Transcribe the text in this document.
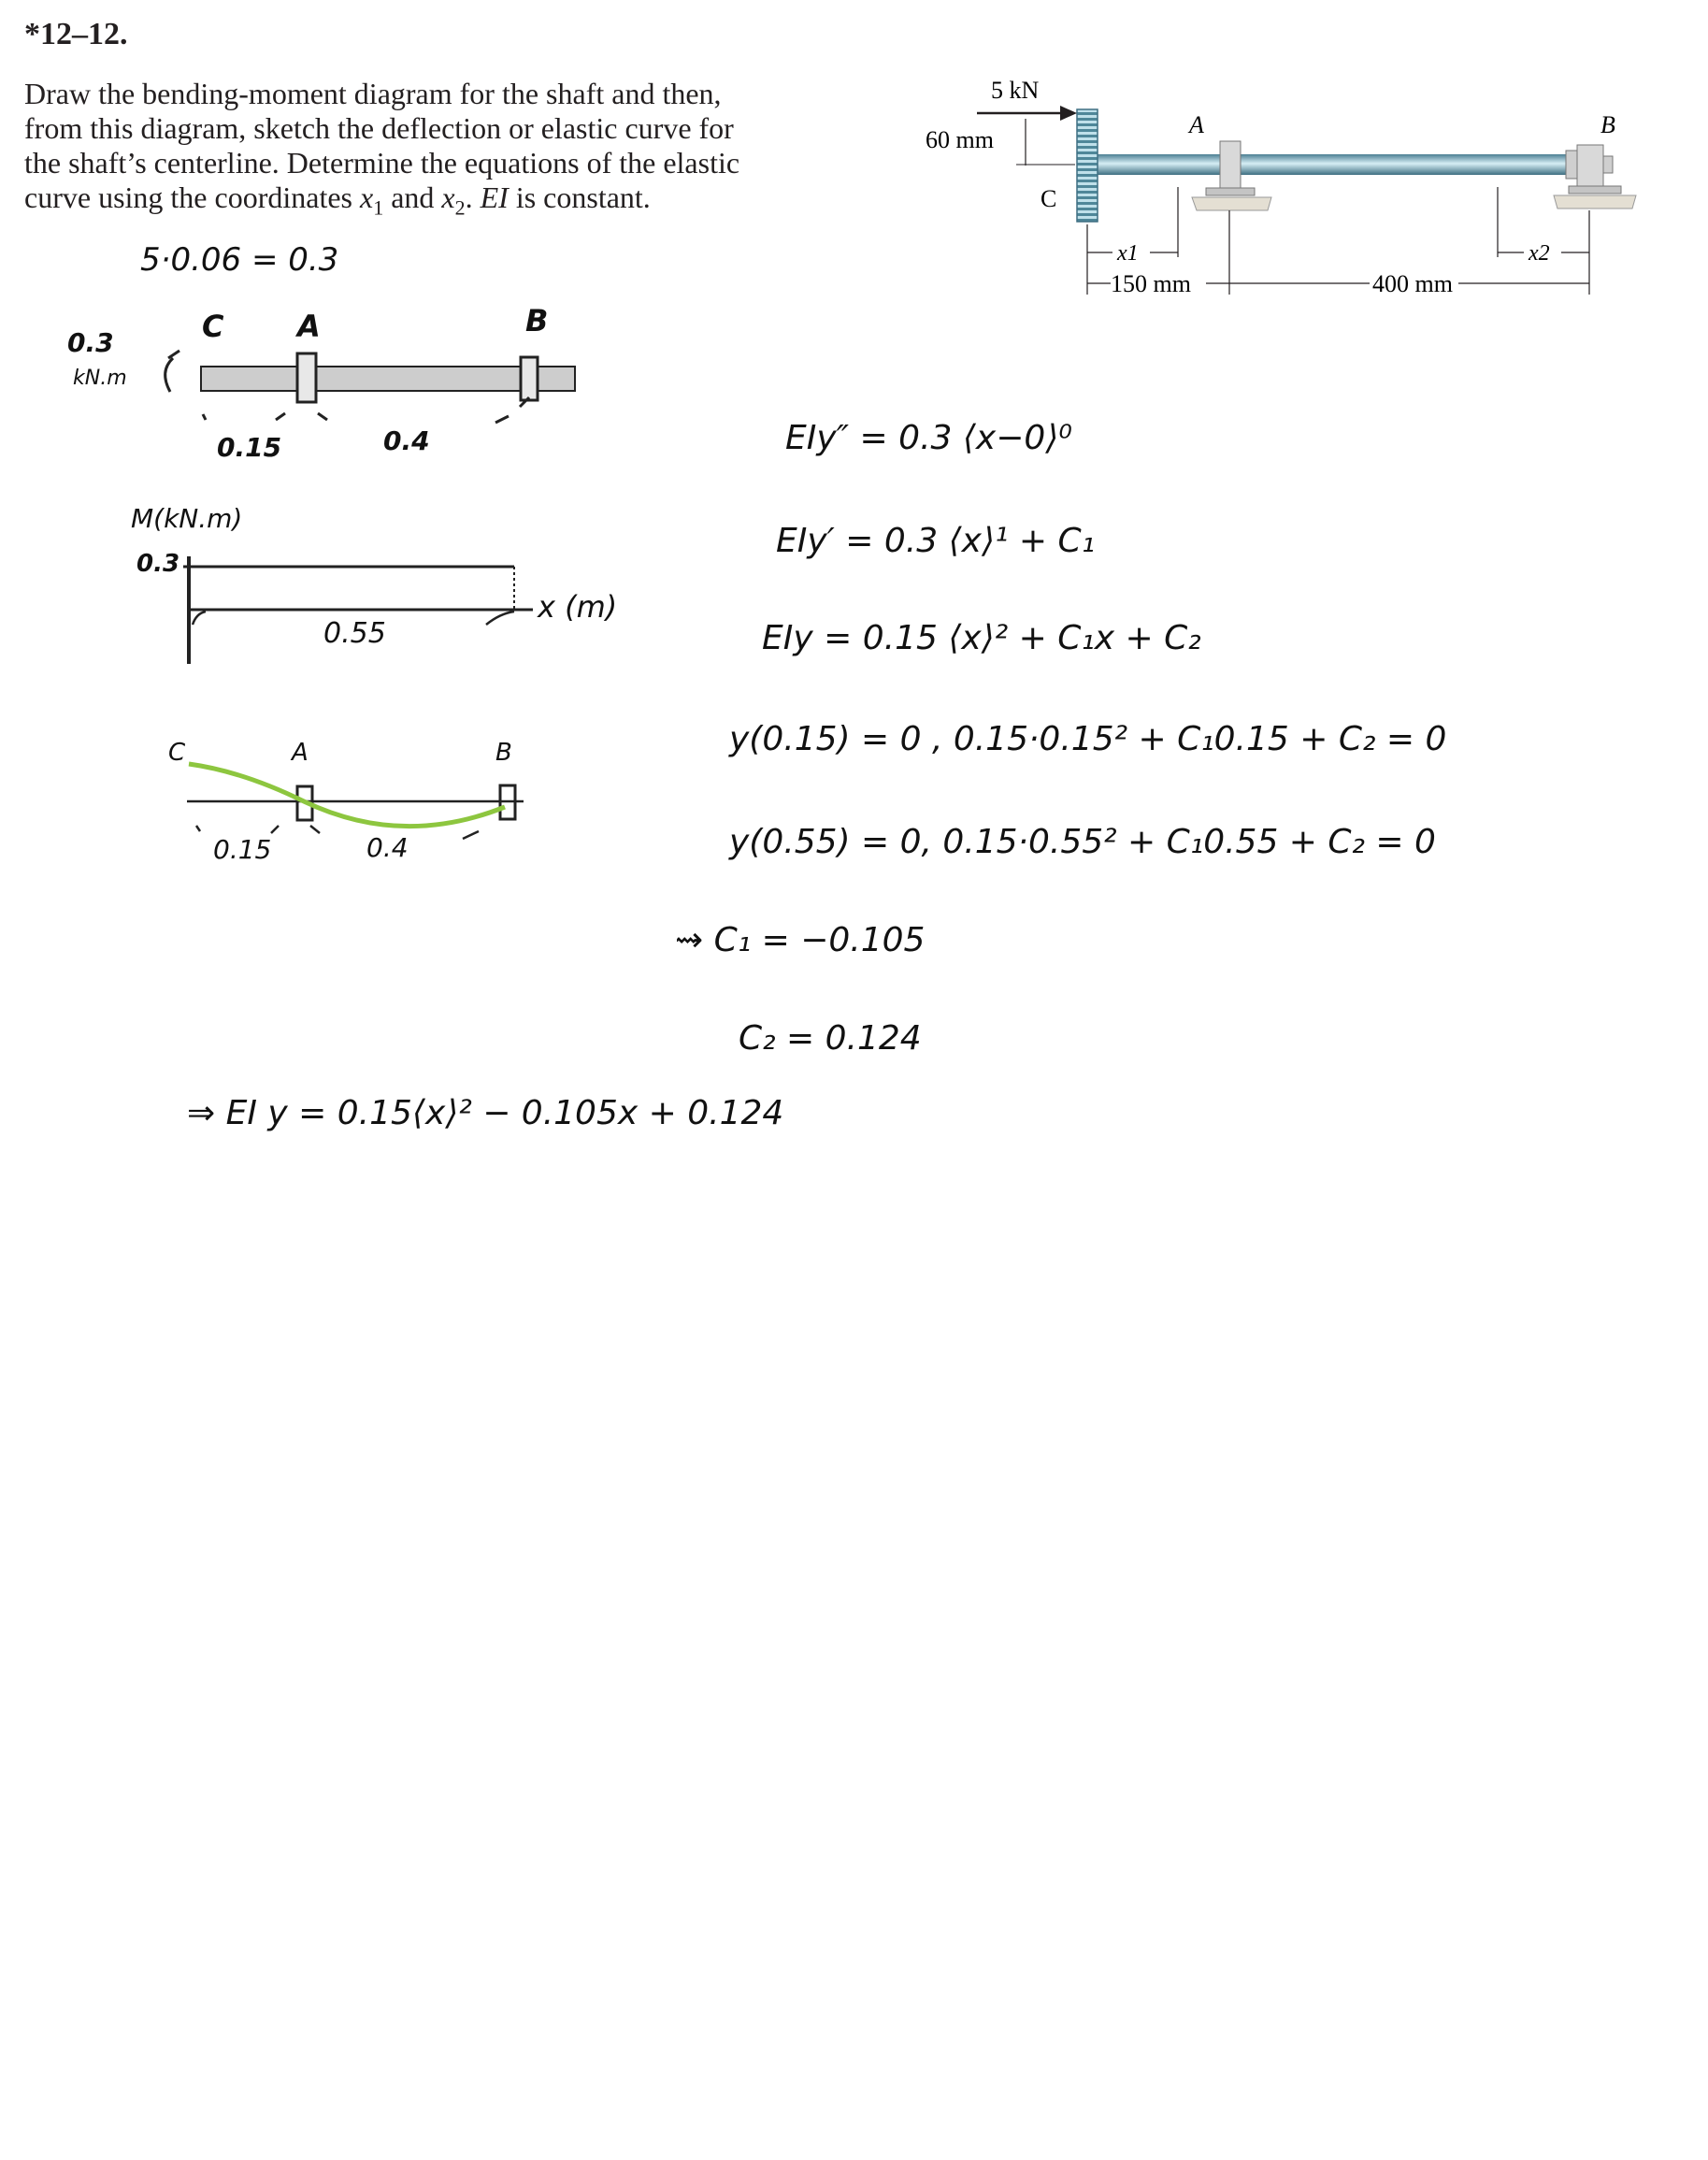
*12–12.
Draw the bending-moment diagram for the shaft and then, from this diagram, sketch the deflection or elastic curve for the shaft’s centerline. Determine the equations of the elastic curve using the coordinates $x_1$ and $x_2$. EI is constant.
5 kN
60 mm
C
A	B
x1	x2
150 mm	400 mm
5·0.06 = 0.3
0.3
kN.m
C A	B
0.15	0.4
M(kN.m)
0.3
x (m)
0.55
C	A	B
0.15	0.4
EIy″ = 0.3 ⟨x−0⟩⁰
EIy′ = 0.3 ⟨x⟩¹ + C₁
EIy = 0.15 ⟨x⟩² + C₁x + C₂
y(0.15) = 0 , 0.15·0.15² + C₁0.15 + C₂ = 0
y(0.55) = 0, 0.15·0.55² + C₁0.55 + C₂ = 0
⇝ C₁ = −0.105
C₂ = 0.124
⇒ EI y = 0.15⟨x⟩² − 0.105x + 0.124
